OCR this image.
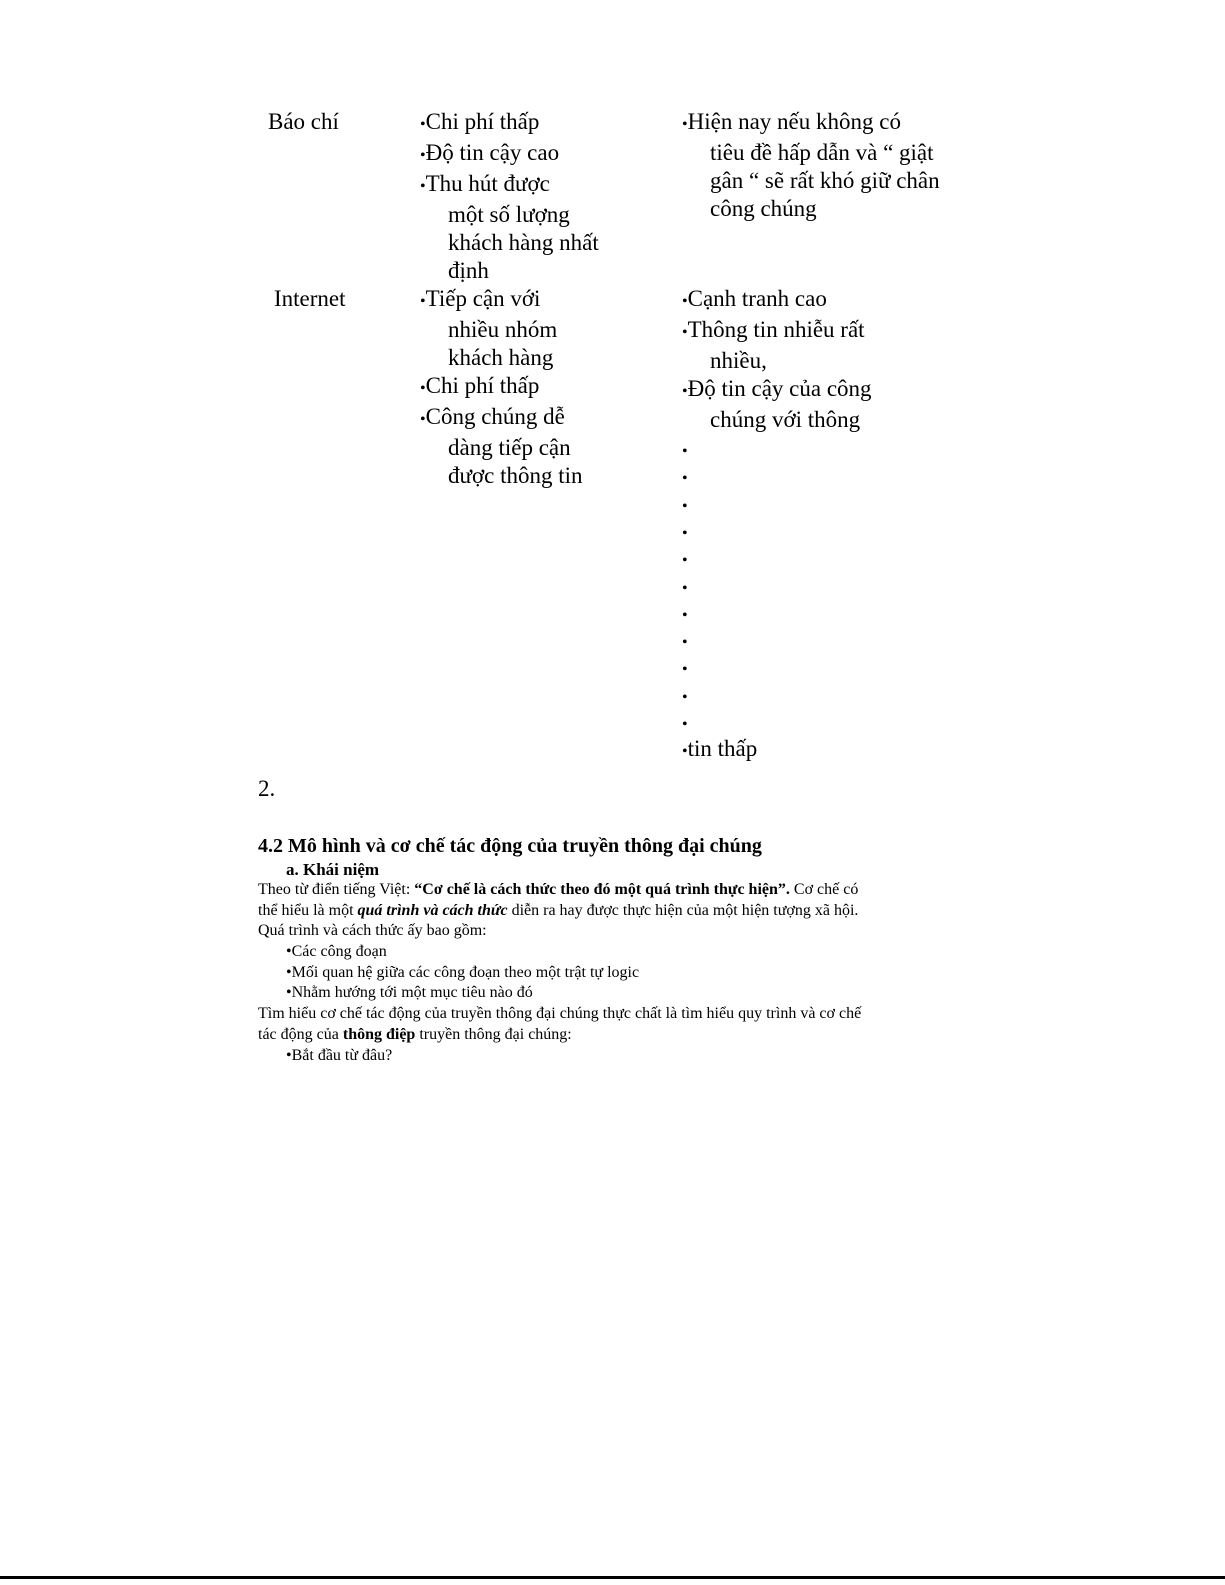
Báo chí	• Chi phí thấp
• Độ tin cậy cao
• Thu hút được
một số lượng
khách hàng nhất
định
• Hiện nay nếu không có
tiêu đề hấp dẫn và “ giật
gân “ sẽ rất khó giữ chân
công chúng
Internet	• Tiếp cận với
nhiều nhóm
khách hàng
• Chi phí thấp
• Công chúng dễ
dàng tiếp cận
được thông tin
• Cạnh tranh cao
• Thông tin nhiễu rất
nhiều,
• Độ tin cậy của công
chúng với thông
•
•
•
•
•
•
•
•
•
•
•
• tin thấp
2.
4.2 Mô hình và cơ chế tác động của truyền thông đại chúng
a. Khái niệm
Theo từ điển tiếng Việt: “Cơ chế là cách thức theo đó một quá trình thực hiện”. Cơ chế có
thể hiểu là một quá trình và cách thức diễn ra hay được thực hiện của một hiện tượng xã hội.
Quá trình và cách thức ấy bao gồm:
• Các công đoạn
• Mối quan hệ giữa các công đoạn theo một trật tự logic
• Nhằm hướng tới một mục tiêu nào đó
Tìm hiểu cơ chế tác động của truyền thông đại chúng thực chất là tìm hiểu quy trình và cơ chế
tác động của thông điệp truyền thông đại chúng:
• Bắt đầu từ đâu?
